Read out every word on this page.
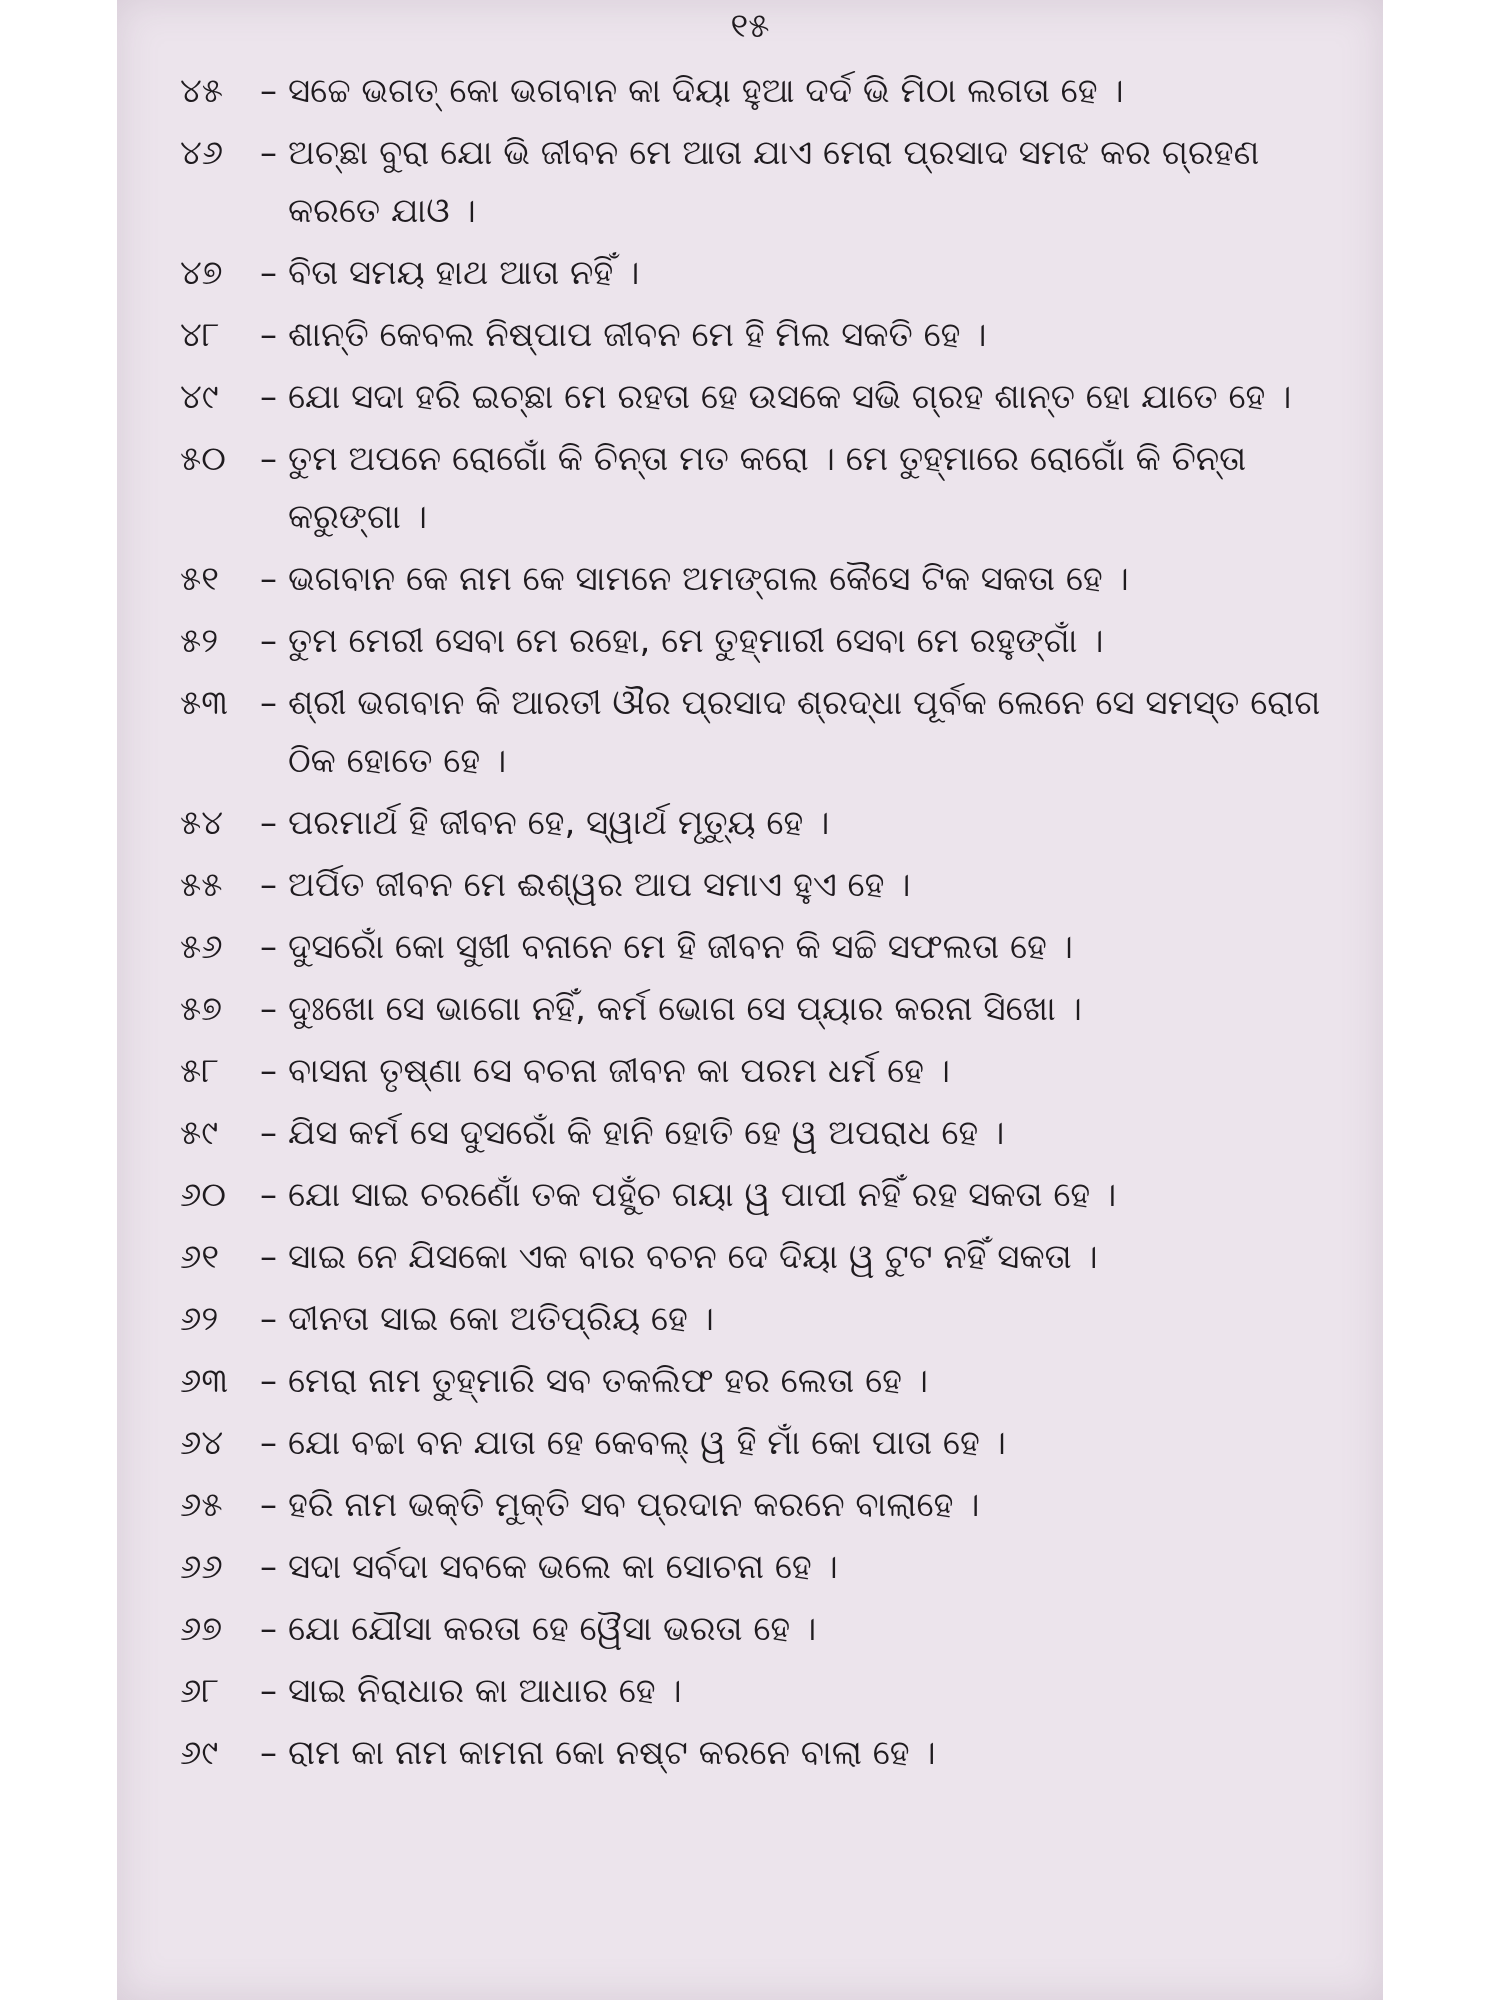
୧୫
୪୫	– ସଚ୍ଚେ ଭଗତ୍ କୋ ଭଗବାନ କା ଦିୟା ହୁଆ ଦର୍ଦ ଭି ମିଠା ଲଗତା ହେ ।
୪୬	– ଅଚ୍ଛା ବୁରା ଯୋ ଭି ଜୀବନ ମେ ଆତା ଯାଏ ମେରା ପ୍ରସାଦ ସମଝ କର ଗ୍ରହଣ କରତେ ଯାଓ ।
୪୭	– ବିତା ସମୟ ହାଥ ଆତା ନହିଁ ।
୪୮	– ଶାନ୍ତି କେବଲ ନିଷ୍ପାପ ଜୀବନ ମେ ହି ମିଲ ସକତି ହେ ।
୪୯	– ଯୋ ସଦା ହରି ଇଚ୍ଛା ମେ ରହତା ହେ ଉସକେ ସଭି ଗ୍ରହ ଶାନ୍ତ ହୋ ଯାତେ ହେ ।
୫୦	– ତୁମ ଅପନେ ରୋଗୋଁ କି ଚିନ୍ତା ମତ କରୋ । ମେ ତୁହ୍ମାରେ ରୋଗୋଁ କି ଚିନ୍ତା କରୁଙ୍ଗା ।
୫୧	– ଭଗବାନ କେ ନାମ କେ ସାମନେ ଅମଙ୍ଗଲ କୈସେ ଟିକ ସକତା ହେ ।
୫୨	– ତୁମ ମେରୀ ସେବା ମେ ରହୋ, ମେ ତୁହ୍ମାରୀ ସେବା ମେ ରହୁଙ୍ଗାଁ ।
୫୩ – ଶ୍ରୀ ଭଗବାନ କି ଆରତୀ ଔର ପ୍ରସାଦ ଶ୍ରଦ୍ଧା ପୂର୍ବକ ଲେନେ ସେ ସମସ୍ତ ରୋଗ ଠିକ ହୋତେ ହେ ।
୫୪	– ପରମାର୍ଥ ହି ଜୀବନ ହେ, ସ୍ୱାର୍ଥ ମୃତ୍ୟୁ ହେ ।
୫୫	– ଅର୍ପିତ ଜୀବନ ମେ ଈଶ୍ୱର ଆପ ସମାଏ ହୁଏ ହେ ।
୫୬	– ଦୁସରୋଁ କୋ ସୁଖୀ ବନାନେ ମେ ହି ଜୀବନ କି ସଚ୍ଚି ସଫଲତା ହେ ।
୫୭	– ଦୁଃଖୋ ସେ ଭାଗୋ ନହିଁ, କର୍ମ ଭୋଗ ସେ ପ୍ୟାର କରନା ସିଖୋ ।
୫୮	– ବାସନା ତୃଷ୍ଣା ସେ ବଚନା ଜୀବନ କା ପରମ ଧର୍ମ ହେ ।
୫୯	– ଯିସ କର୍ମ ସେ ଦୁସରୋଁ କି ହାନି ହୋତି ହେ ୱ ଅପରାଧ ହେ ।
୬୦	– ଯୋ ସାଇ ଚରଣୋଁ ତକ ପହୁଁଚ ଗୟା ୱ ପାପୀ ନହିଁ ରହ ସକତା ହେ ।
୬୧	– ସାଇ ନେ ଯିସକୋ ଏକ ବାର ବଚନ ଦେ ଦିୟା ୱ ଟୁଟ ନହିଁ ସକତା ।
୬୨	– ଦୀନତା ସାଇ କୋ ଅତିପ୍ରିୟ ହେ ।
୬୩ – ମେରା ନାମ ତୁହ୍ମାରି ସବ ତକଲିଫ ହର ଲେତା ହେ ।
୬୪	– ଯୋ ବଚ୍ଚା ବନ ଯାତା ହେ କେବଲ୍ ୱ ହି ମାଁ କୋ ପାତା ହେ ।
୬୫	– ହରି ନାମ ଭକ୍ତି ମୁକ୍ତି ସବ ପ୍ରଦାନ କରନେ ବାଲାହେ ।
୬୬	– ସଦା ସର୍ବଦା ସବକେ ଭଲେ କା ସୋଚନା ହେ ।
୬୭	– ଯୋ ଯୌସା କରତା ହେ ୱୈସା ଭରତା ହେ ।
୬୮	– ସାଇ ନିରାଧାର କା ଆଧାର ହେ ।
୬୯	– ରାମ କା ନାମ କାମନା କୋ ନଷ୍ଟ କରନେ ବାଲା ହେ ।
